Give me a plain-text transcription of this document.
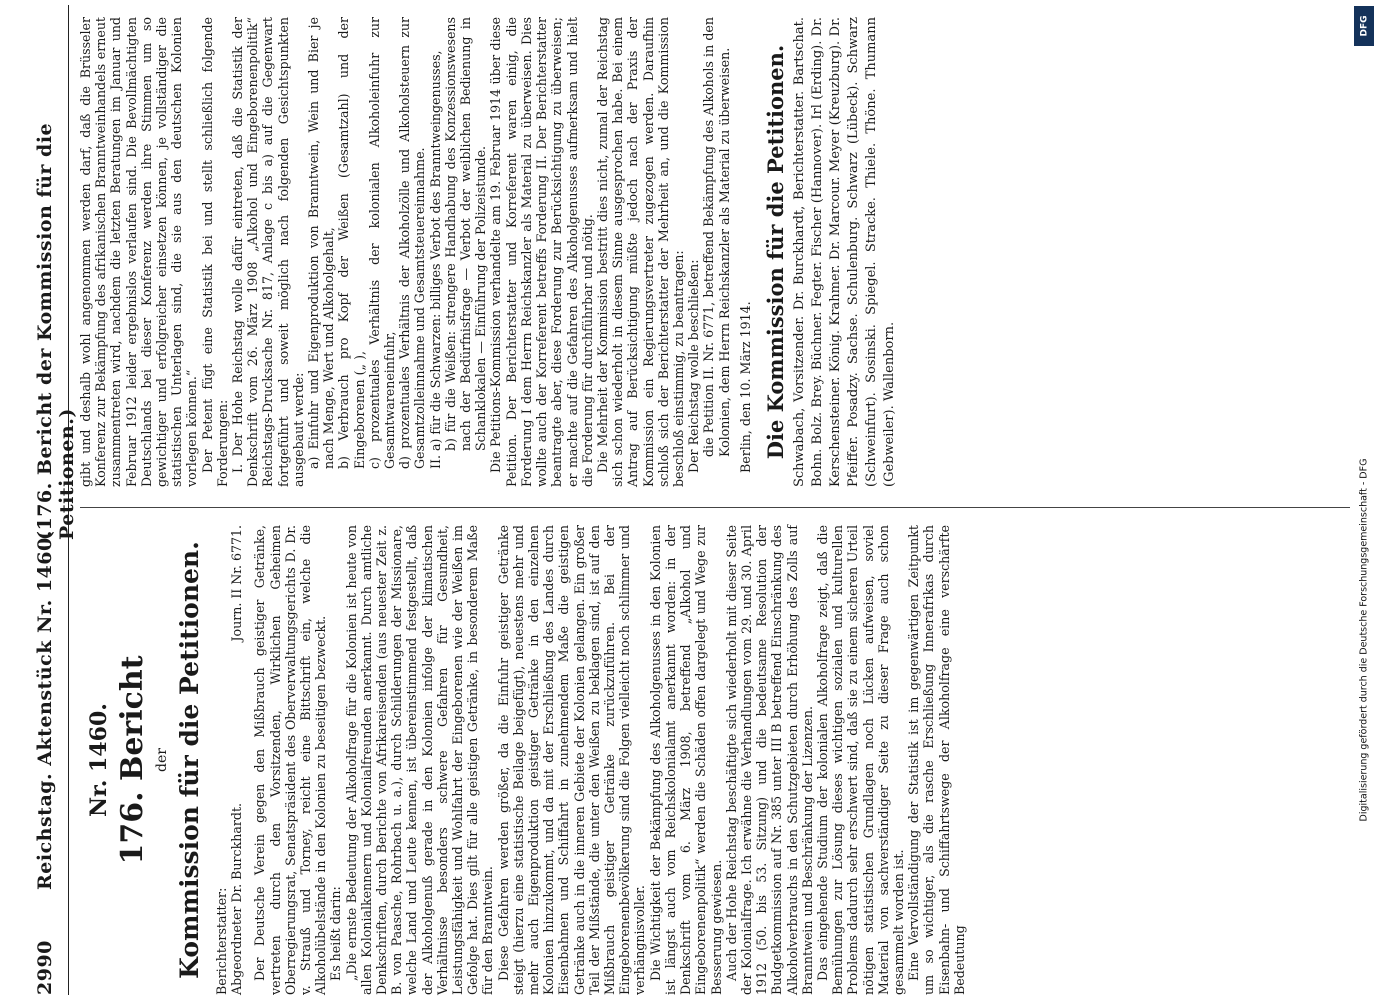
2990
Reichstag. Aktenstück Nr. 1460.
(176. Bericht der Kommission für die Petitionen.)

Nr. 1460. 176. Bericht der Kommission für die Petitionen. Berichterstatter: Abgeordneter Dr. Burckhardt.
Journ. II Nr. 6771. Der Deutsche Verein gegen den Mißbrauch geistiger Getränke, vertreten durch den Vorsitzenden, Wirklichen Geheimen Oberregierungsrat, Senatspräsident des Oberverwaltungsgerichts D. Dr. v. Strauß und Torney, reicht eine Bittschrift ein, welche die Alkoholübelstände in den Kolonien zu beseitigen bezweckt. Es heißt darin: „Die ernste Bedeutung der Alkoholfrage für die Kolonien ist heute von allen Kolonialkennern und Kolonialfreunden anerkannt. Durch amtliche Denkschriften, durch Berichte von Afrikareisenden (aus neuester Zeit z. B. von Paasche, Rohrbach u. a.), durch Schilderungen der Missionare, welche Land und Leute kennen, ist übereinstimmend festgestellt, daß der Alkoholgenuß gerade in den Kolonien infolge der klimatischen Verhältnisse besonders schwere Gefahren für Gesundheit, Leistungsfähigkeit und Wohlfahrt der Eingeborenen wie der Weißen im Gefolge hat. Dies gilt für alle geistigen Getränke, in besonderem Maße für den Branntwein. Diese Gefahren werden größer, da die Einfuhr geistiger Getränke steigt (hierzu eine statistische Beilage beigefügt), neuestens mehr und mehr auch Eigenproduktion geistiger Getränke in den einzelnen Kolonien hinzukommt, und da mit der Erschließung des Landes durch Eisenbahnen und Schiffahrt in zunehmendem Maße die geistigen Getränke auch in die inneren Gebiete der Kolonien gelangen. Ein großer Teil der Mißstände, die unter den Weißen zu beklagen sind, ist auf den Mißbrauch geistiger Getränke zurückzuführen. Bei der Eingeborenenbevölkerung sind die Folgen vielleicht noch schlimmer und verhängnisvoller. Die Wichtigkeit der Bekämpfung des Alkoholgenusses in den Kolonien ist längst auch vom Reichskolonialamt anerkannt worden: in der Denkschrift vom 6. März 1908, betreffend „Alkohol und Eingeborenenpolitik“ werden die Schäden offen dargelegt und Wege zur Besserung gewiesen. Auch der Hohe Reichstag beschäftigte sich wiederholt mit dieser Seite der Kolonialfrage. Ich erwähne die Verhandlungen vom 29. und 30. April 1912 (50. bis 53. Sitzung) und die bedeutsame Resolution der Budgetkommission auf Nr. 385 unter III B betreffend Einschränkung des Alkoholverbrauchs in den Schutzgebieten durch Erhöhung des Zolls auf Branntwein und Beschränkung der Lizenzen. Das eingehende Studium der kolonialen Alkoholfrage zeigt, daß die Bemühungen zur Lösung dieses wichtigen sozialen und kulturellen Problems dadurch sehr erschwert sind, daß sie zu einem sicheren Urteil nötigen statistischen Grundlagen noch Lücken aufweisen, soviel Material von sachverständiger Seite zu dieser Frage auch schon gesammelt worden ist. Eine Vervollständigung der Statistik ist im gegenwärtigen Zeitpunkt um so wichtiger, als die rasche Erschließung Innerafrikas durch Eisenbahn- und Schiffahrtswege der Alkoholfrage eine verschärfte Bedeutung

gibt und deshalb wohl angenommen werden darf, daß die Brüsseler Konferenz zur Bekämpfung des afrikanischen Branntweinhandels erneut zusammentreten wird, nachdem die letzten Beratungen im Januar und Februar 1912 leider ergebnislos verlaufen sind. Die Bevollmächtigten Deutschlands bei dieser Konferenz werden ihre Stimmen um so gewichtiger und erfolgreicher einsetzen können, je vollständiger die statistischen Unterlagen sind, die sie aus den deutschen Kolonien vorlegen können.“ Der Petent fügt eine Statistik bei und stellt schließlich folgende Forderungen: I. Der Hohe Reichstag wolle dafür eintreten, daß die Statistik der Denkschrift vom 26. März 1908 „Alkohol und Eingeborenenpolitik“ Reichstags-Drucksache Nr. 817, Anlage c bis a) auf die Gegenwart fortgeführt und soweit möglich nach folgenden Gesichtspunkten ausgebaut werde: a) Einfuhr und Eigenproduktion von Branntwein, Wein und Bier je nach Menge, Wert und Alkoholgehalt, b) Verbrauch pro Kopf der Weißen (Gesamtzahl) und der Eingeborenen („ ), c) prozentuales Verhältnis der kolonialen Alkoholeinfuhr zur Gesamtwareneinfuhr, d) prozentuales Verhältnis der Alkoholzölle und Alkoholsteuern zur Gesamtzolleinnahme und Gesamtsteuereinnahme. II. a) für die Schwarzen: billiges Verbot des Branntweingenusses, b) für die Weißen: strengere Handhabung des Konzessionswesens nach der Bedürfnisfrage — Verbot der weiblichen Bedienung in Schanklokalen — Einführung der Polizeistunde. Die Petitions-Kommission verhandelte am 19. Februar 1914 über diese Petition. Der Berichterstatter und Korreferent waren einig, die Forderung I dem Herrn Reichskanzler als Material zu überweisen. Dies wollte auch der Korreferent betreffs Forderung II. Der Berichterstatter beantragte aber, diese Forderung zur Berücksichtigung zu überweisen; er machte auf die Gefahren des Alkoholgenusses aufmerksam und hielt die Forderung für durchführbar und nötig. Die Mehrheit der Kommission bestritt dies nicht, zumal der Reichstag sich schon wiederholt in diesem Sinne ausgesprochen habe. Bei einem Antrag auf Berücksichtigung müßte jedoch nach der Praxis der Kommission ein Regierungsvertreter zugezogen werden. Daraufhin schloß sich der Berichterstatter der Mehrheit an, und die Kommission beschloß einstimmig, zu beantragen: Der Reichstag wolle beschließen: die Petition II. Nr. 6771, betreffend Bekämpfung des Alkohols in den Kolonien, dem Herrn Reichskanzler als Material zu überweisen. Berlin, den 10. März 1914. Die Kommission für die Petitionen. Schwabach, Vorsitzender. Dr. Burckhardt, Berichterstatter. Bartschat. Bohn. Bolz. Brey. Büchner. Fegter. Fischer (Hannover). Irl (Erding). Dr. Kerschensteiner. König. Krahmer. Dr. Marcour. Meyer (Kreuzburg). Dr. Pfeiffer. Posadzy. Sachse. Schulenburg. Schwarz (Lübeck). Schwarz (Schweinfurt). Sosinski. Spiegel. Stracke. Thiele. Thöne. Thumann (Gebweiler). Wallenborn.

DFG
Digitalisierung gefördert durch die Deutsche Forschungsgemeinschaft - DFG
